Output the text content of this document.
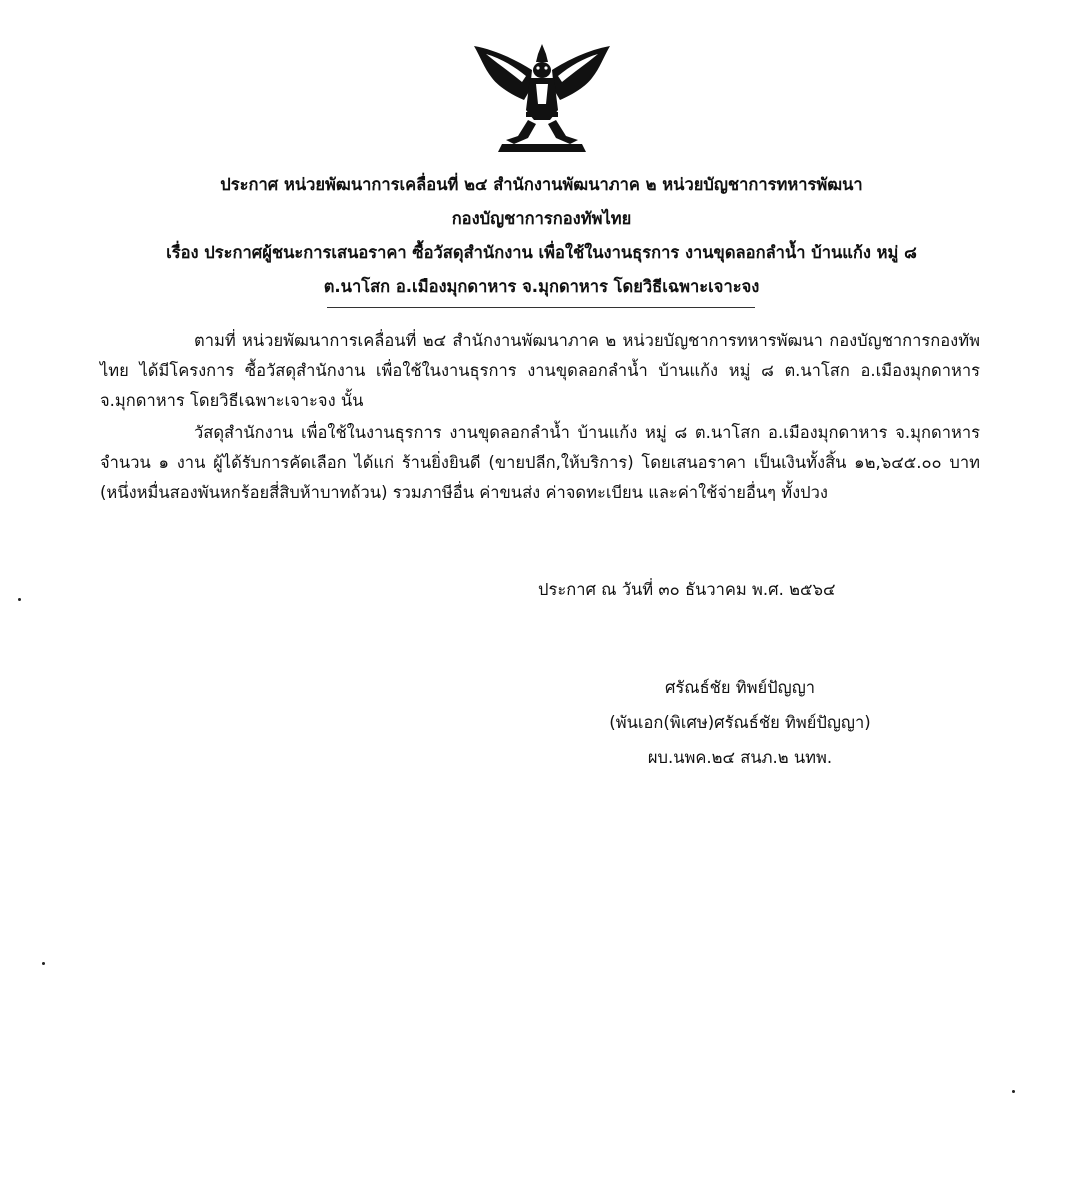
ประกาศ หน่วยพัฒนาการเคลื่อนที่ ๒๔ สำนักงานพัฒนาภาค ๒ หน่วยบัญชาการทหารพัฒนา
กองบัญชาการกองทัพไทย
เรื่อง ประกาศผู้ชนะการเสนอราคา ซื้อวัสดุสำนักงาน เพื่อใช้ในงานธุรการ งานขุดลอกลำน้ำ บ้านแก้ง หมู่ ๘
ต.นาโสก อ.เมืองมุกดาหาร จ.มุกดาหาร โดยวิธีเฉพาะเจาะจง

ตามที่ หน่วยพัฒนาการเคลื่อนที่ ๒๔ สำนักงานพัฒนาภาค ๒ หน่วยบัญชาการทหารพัฒนา กองบัญชาการกองทัพไทย ได้มีโครงการ ซื้อวัสดุสำนักงาน เพื่อใช้ในงานธุรการ งานขุดลอกลำน้ำ บ้านแก้ง หมู่ ๘ ต.นาโสก อ.เมืองมุกดาหาร จ.มุกดาหาร โดยวิธีเฉพาะเจาะจง นั้น

วัสดุสำนักงาน เพื่อใช้ในงานธุรการ งานขุดลอกลำน้ำ บ้านแก้ง หมู่ ๘ ต.นาโสก อ.เมืองมุกดาหาร จ.มุกดาหาร จำนวน ๑ งาน ผู้ได้รับการคัดเลือก ได้แก่ ร้านยิ่งยินดี (ขายปลีก,ให้บริการ) โดยเสนอราคา เป็นเงินทั้งสิ้น ๑๒,๖๔๕.๐๐ บาท (หนึ่งหมื่นสองพันหกร้อยสี่สิบห้าบาทถ้วน) รวมภาษีอื่น ค่าขนส่ง ค่าจดทะเบียน และค่าใช้จ่ายอื่นๆ ทั้งปวง

ประกาศ ณ วันที่ ๓๐ ธันวาคม พ.ศ. ๒๕๖๔
ศรัณธ์ชัย ทิพย์ปัญญา
(พันเอก(พิเศษ)ศรัณธ์ชัย ทิพย์ปัญญา)
ผบ.นพค.๒๔ สนภ.๒ นทพ.
